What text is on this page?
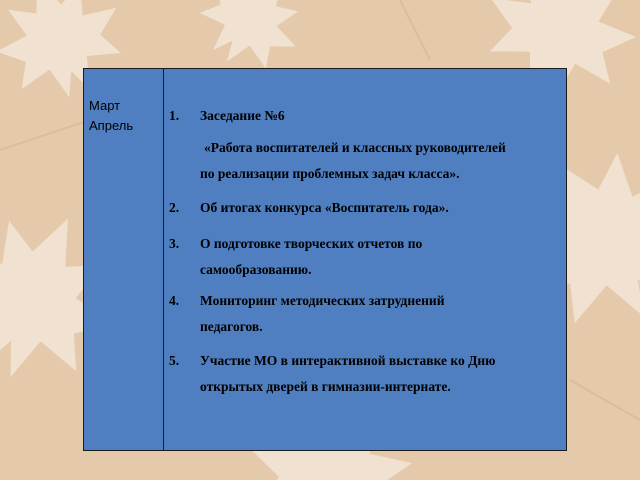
Март
Апрель
1. Заседание №6
«Работа воспитателей и классных руководителей
по реализации проблемных задач класса».
2. Об итогах конкурса «Воспитатель года».
3. О подготовке творческих отчетов по
самообразованию.
4. Мониторинг методических затруднений
педагогов.
5. Участие МО в интерактивной выставке ко Дню
открытых дверей в гимназии-интернате.
